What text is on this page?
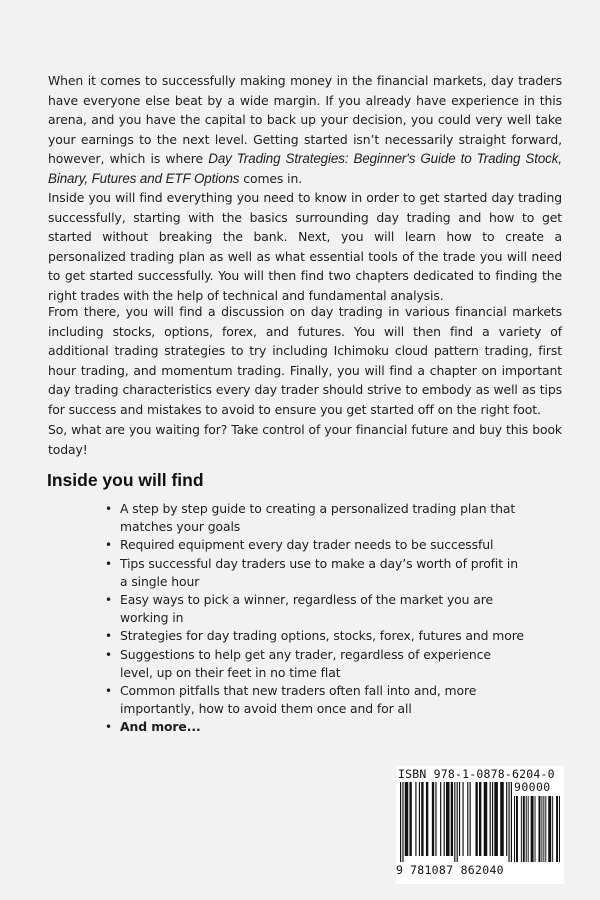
When it comes to successfully making money in the financial markets, day traders have everyone else beat by a wide margin. If you already have experience in this arena, and you have the capital to back up your decision, you could very well take your earnings to the next level. Getting started isn’t necessarily straight forward, however, which is where Day Trading Strategies: Beginner's Guide to Trading Stock, Binary, Futures and ETF Options comes in.

Inside you will find everything you need to know in order to get started day trading successfully, starting with the basics surrounding day trading and how to get started without breaking the bank. Next, you will learn how to create a personalized trading plan as well as what essential tools of the trade you will need to get started successfully. You will then find two chapters dedicated to finding the right trades with the help of technical and fundamental analysis.

From there, you will find a discussion on day trading in various financial markets including stocks, options, forex, and futures. You will then find a variety of additional trading strategies to try including Ichimoku cloud pattern trading, first hour trading, and momentum trading. Finally, you will find a chapter on important day trading characteristics every day trader should strive to embody as well as tips for success and mistakes to avoid to ensure you get started off on the right foot.

So, what are you waiting for? Take control of your financial future and buy this book today!

Inside you will find
• A step by step guide to creating a personalized trading plan that matches your goals
• Required equipment every day trader needs to be successful
• Tips successful day traders use to make a day’s worth of profit in a single hour
• Easy ways to pick a winner, regardless of the market you are working in
• Strategies for day trading options, stocks, forex, futures and more
• Suggestions to help get any trader, regardless of experience level, up on their feet in no time flat
• Common pitfalls that new traders often fall into and, more importantly, how to avoid them once and for all
• And more...
ISBN 978-1-0878-6204-0
90000
9 781087 862040
